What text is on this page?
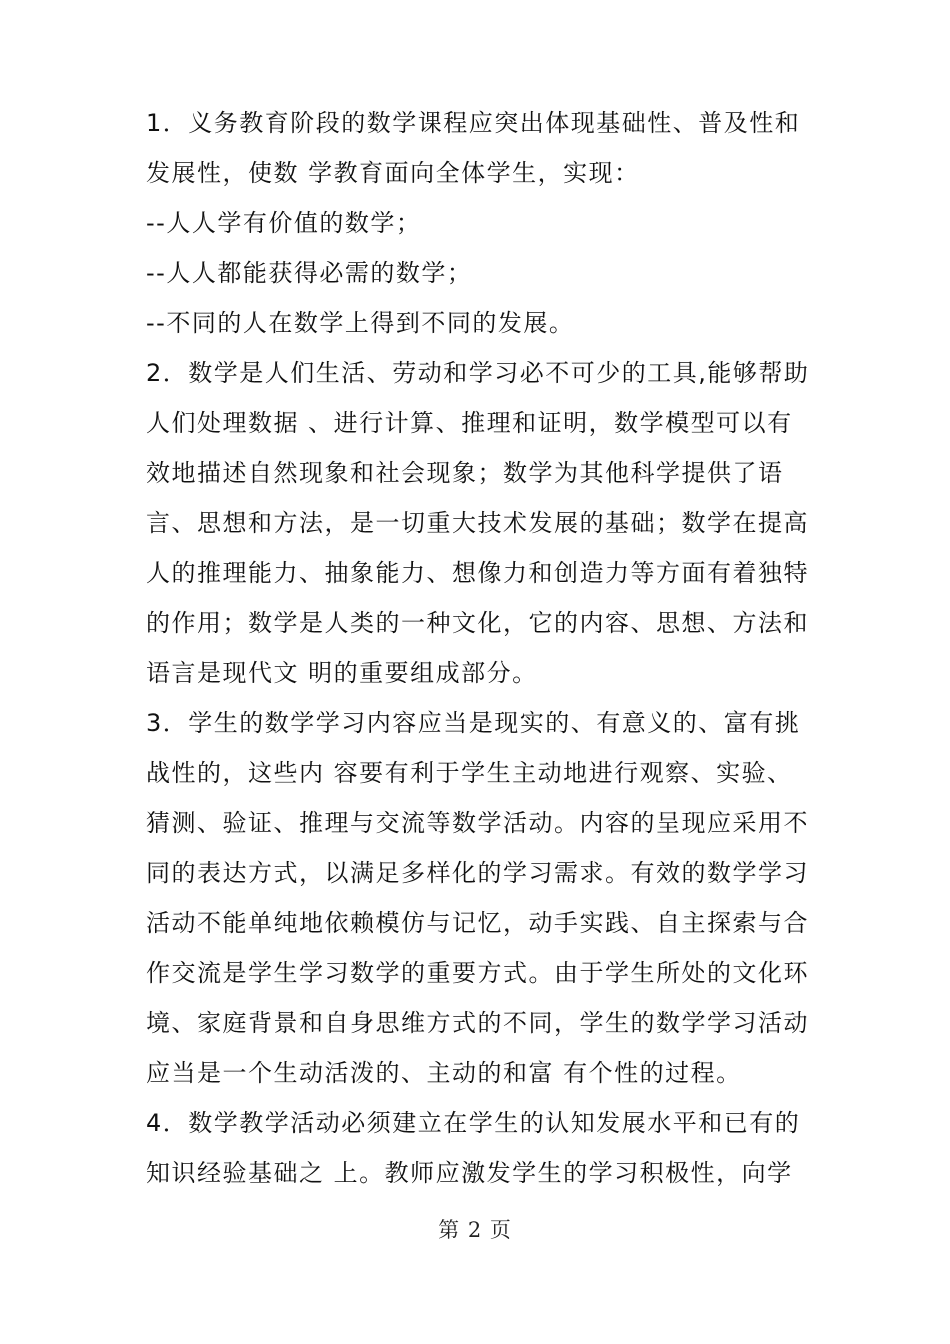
1．义务教育阶段的数学课程应突出体现基础性、普及性和
发展性，使数 学教育面向全体学生，实现：
--人人学有价值的数学；
--人人都能获得必需的数学；
--不同的人在数学上得到不同的发展。
2．数学是人们生活、劳动和学习必不可少的工具,能够帮助
人们处理数据 、进行计算、推理和证明，数学模型可以有
效地描述自然现象和社会现象；数学为其他科学提供了语
言、思想和方法，是一切重大技术发展的基础；数学在提高
人的推理能力、抽象能力、想像力和创造力等方面有着独特
的作用；数学是人类的一种文化，它的内容、思想、方法和
语言是现代文 明的重要组成部分。
3．学生的数学学习内容应当是现实的、有意义的、富有挑
战性的，这些内 容要有利于学生主动地进行观察、实验、
猜测、验证、推理与交流等数学活动。内容的呈现应采用不
同的表达方式，以满足多样化的学习需求。有效的数学学习
活动不能单纯地依赖模仿与记忆，动手实践、自主探索与合
作交流是学生学习数学的重要方式。由于学生所处的文化环
境、家庭背景和自身思维方式的不同，学生的数学学习活动
应当是一个生动活泼的、主动的和富 有个性的过程。
4．数学教学活动必须建立在学生的认知发展水平和已有的
知识经验基础之 上。教师应激发学生的学习积极性，向学
第 2 页
